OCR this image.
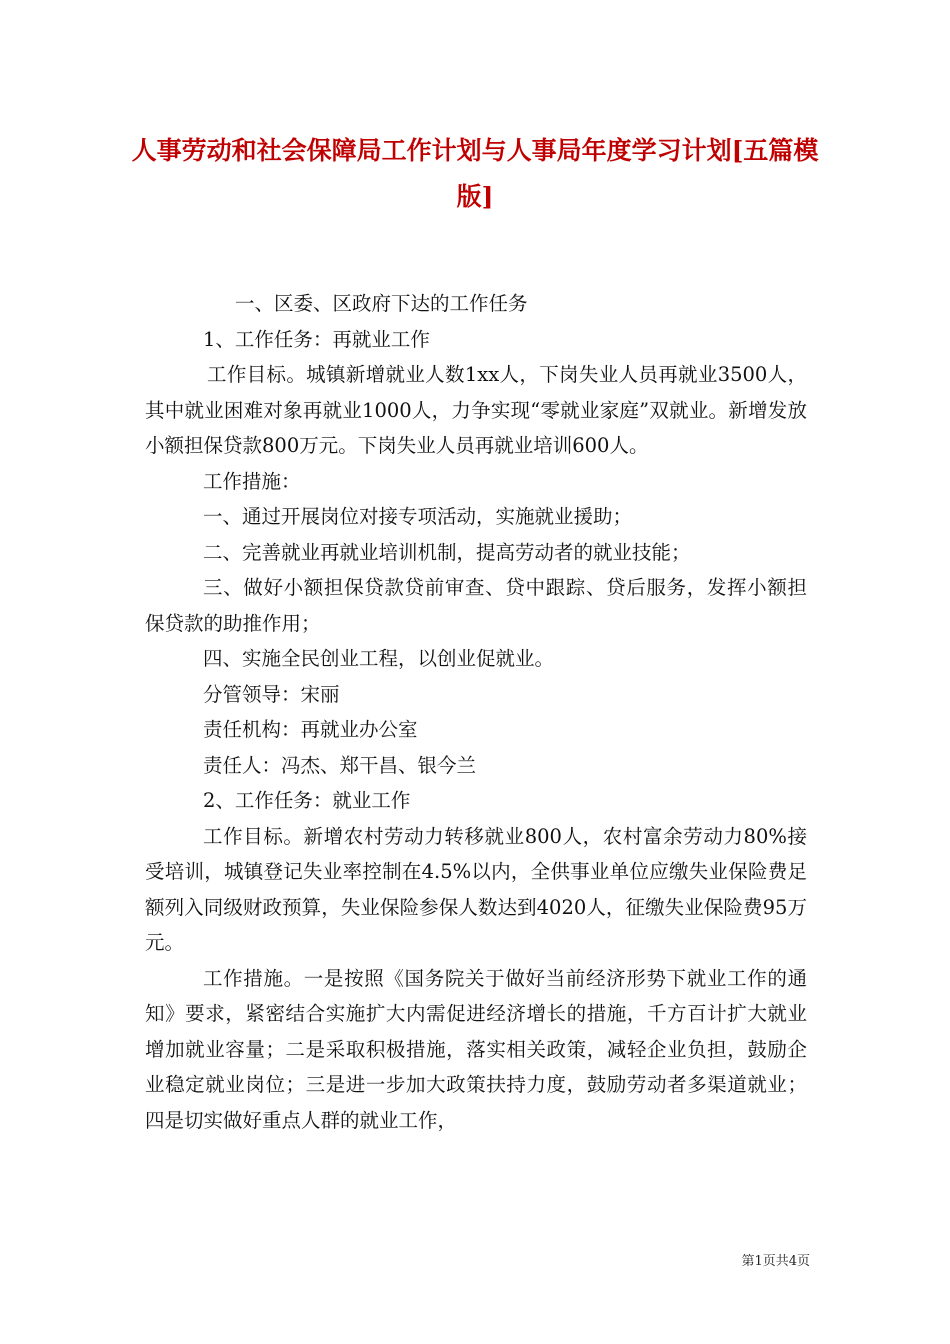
人事劳动和社会保障局工作计划与人事局年度学习计划[五篇模版]

一、区委、区政府下达的工作任务

1、工作任务：再就业工作

工作目标。城镇新增就业人数1xx人，下岗失业人员再就业3500人，其中就业困难对象再就业1000人，力争实现“零就业家庭”双就业。新增发放小额担保贷款800万元。下岗失业人员再就业培训600人。

工作措施：

一、通过开展岗位对接专项活动，实施就业援助；

二、完善就业再就业培训机制，提高劳动者的就业技能；

三、做好小额担保贷款贷前审查、贷中跟踪、贷后服务，发挥小额担保贷款的助推作用；

四、实施全民创业工程，以创业促就业。

分管领导：宋丽

责任机构：再就业办公室

责任人：冯杰、郑干昌、银今兰

2、工作任务：就业工作

工作目标。新增农村劳动力转移就业800人，农村富余劳动力80%接受培训，城镇登记失业率控制在4.5%以内，全供事业单位应缴失业保险费足额列入同级财政预算，失业保险参保人数达到4020人，征缴失业保险费95万元。

工作措施。一是按照《国务院关于做好当前经济形势下就业工作的通知》要求，紧密结合实施扩大内需促进经济增长的措施，千方百计扩大就业增加就业容量；二是采取积极措施，落实相关政策，减轻企业负担，鼓励企业稳定就业岗位；三是进一步加大政策扶持力度，鼓励劳动者多渠道就业；四是切实做好重点人群的就业工作，

第1页共4页
